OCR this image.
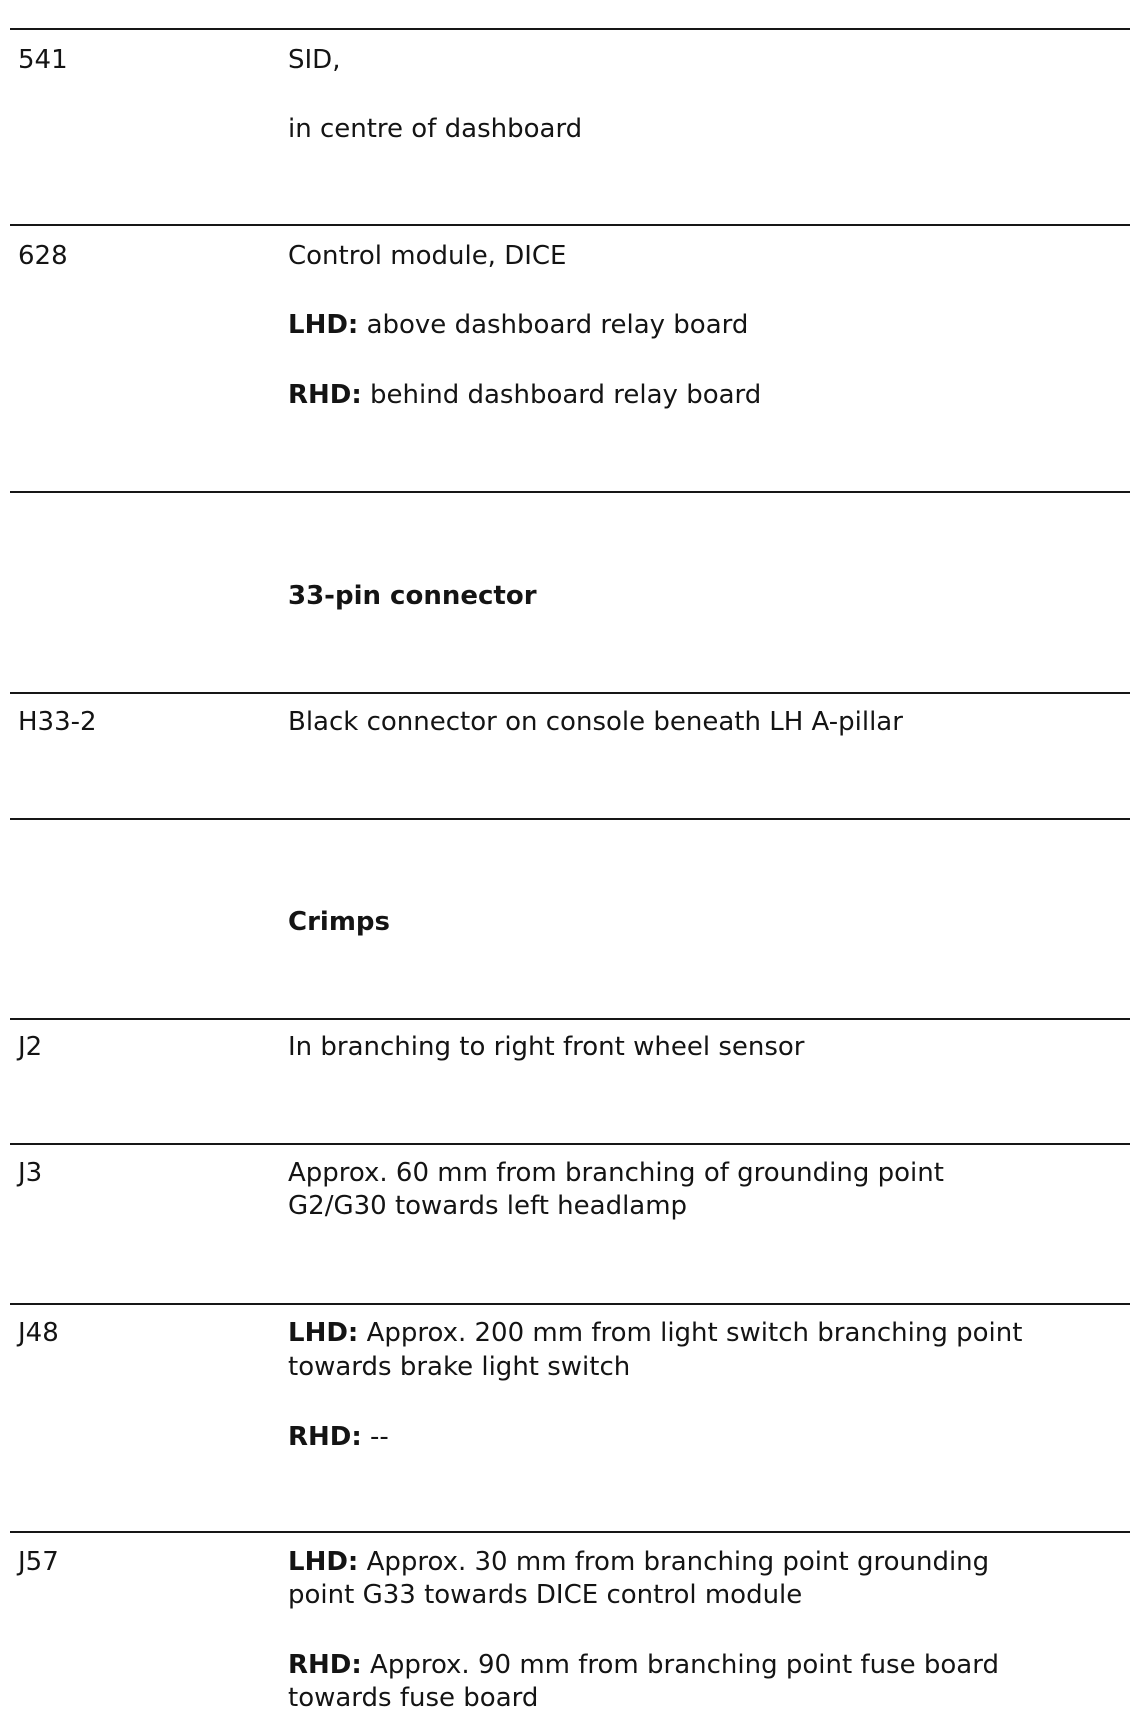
541	SID,
in centre of dashboard
628	Control module, DICE
LHD: above dashboard relay board
RHD: behind dashboard relay board
33-pin connector
H33-2	Black connector on console beneath LH A-pillar
Crimps
J2	In branching to right front wheel sensor
J3	Approx. 60 mm from branching of grounding point
G2/G30 towards left headlamp
J48	LHD: Approx. 200 mm from light switch branching point
towards brake light switch
RHD: --
J57	LHD: Approx. 30 mm from branching point grounding
point G33 towards DICE control module
RHD: Approx. 90 mm from branching point fuse board
towards fuse board
